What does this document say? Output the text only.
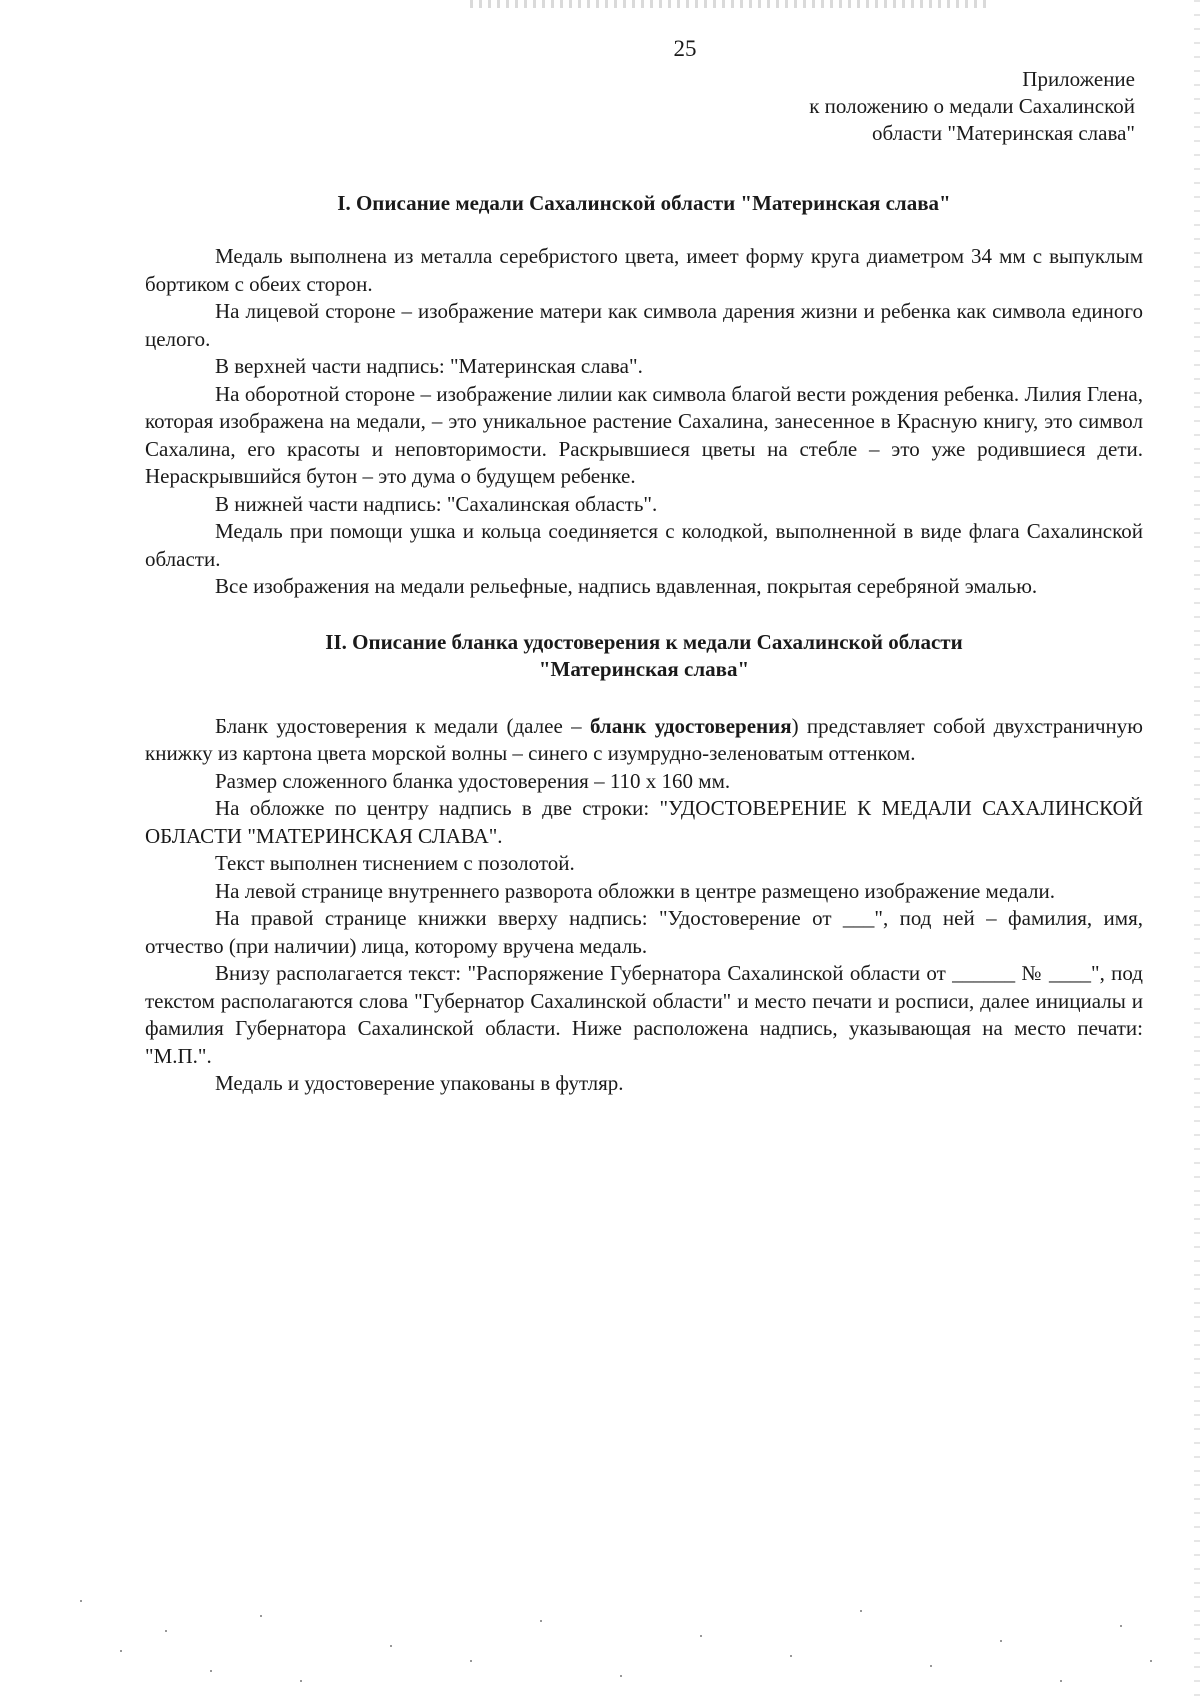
25
Приложение
к положению о медали Сахалинской
области "Материнская слава"
I. Описание медали Сахалинской области "Материнская слава"

Медаль выполнена из металла серебристого цвета, имеет форму круга диаметром 34 мм с выпуклым бортиком с обеих сторон.

На лицевой стороне – изображение матери как символа дарения жизни и ребенка как символа единого целого.

В верхней части надпись: "Материнская слава".

На оборотной стороне – изображение лилии как символа благой вести рождения ребенка. Лилия Глена, которая изображена на медали, – это уникальное растение Сахалина, занесенное в Красную книгу, это символ Сахалина, его красоты и неповторимости. Раскрывшиеся цветы на стебле – это уже родившиеся дети. Нераскрывшийся бутон – это дума о будущем ребенке.

В нижней части надпись: "Сахалинская область".

Медаль при помощи ушка и кольца соединяется с колодкой, выполненной в виде флага Сахалинской области.

Все изображения на медали рельефные, надпись вдавленная, покрытая серебряной эмалью.

II. Описание бланка удостоверения к медали Сахалинской области
"Материнская слава"

Бланк удостоверения к медали (далее – бланк удостоверения) представляет собой двухстраничную книжку из картона цвета морской волны – синего с изумрудно-зеленоватым оттенком.

Размер сложенного бланка удостоверения – 110 х 160 мм.

На обложке по центру надпись в две строки: "УДОСТОВЕРЕНИЕ К МЕДАЛИ САХАЛИНСКОЙ ОБЛАСТИ "МАТЕРИНСКАЯ СЛАВА".

Текст выполнен тиснением с позолотой.

На левой странице внутреннего разворота обложки в центре размещено изображение медали.

На правой странице книжки вверху надпись: "Удостоверение от ___", под ней – фамилия, имя, отчество (при наличии) лица, которому вручена медаль.

Внизу располагается текст: "Распоряжение Губернатора Сахалинской области от ______ № ____", под текстом располагаются слова "Губернатор Сахалинской области" и место печати и росписи, далее инициалы и фамилия Губернатора Сахалинской области. Ниже расположена надпись, указывающая на место печати: "М.П.".

Медаль и удостоверение упакованы в футляр.
